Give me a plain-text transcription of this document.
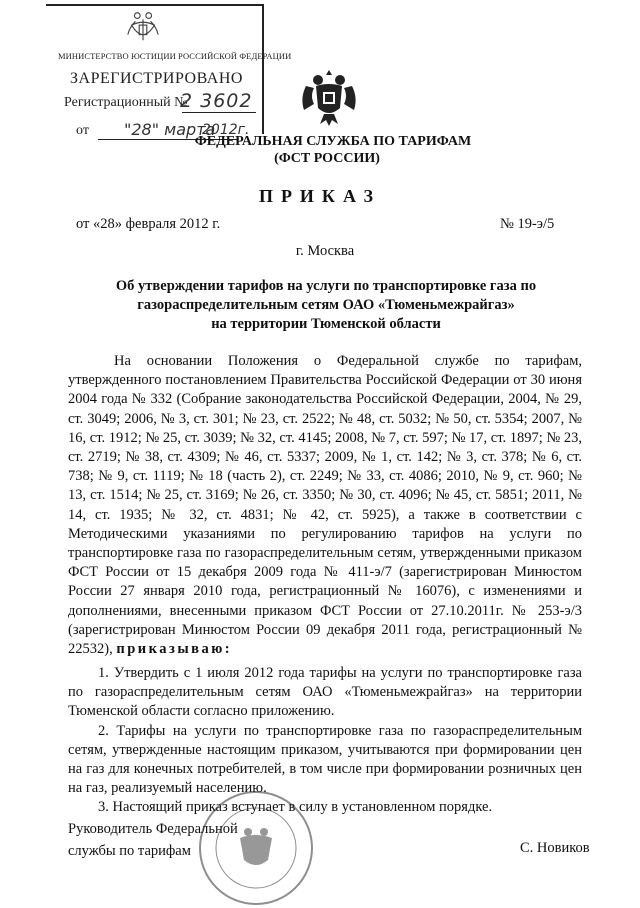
МИНИСТЕРСТВО ЮСТИЦИИ РОССИЙСКОЙ ФЕДЕРАЦИИ
ЗАРЕГИСТРИРОВАНО
Регистрационный №
2 3602
от "28" марта
2012г.
ФЕДЕРАЛЬНАЯ СЛУЖБА ПО ТАРИФАМ
(ФСТ РОССИИ)
ПРИКАЗ
от «28» февраля 2012 г.	№ 19-э/5
г. Москва
Об утверждении тарифов на услуги по транспортировке газа по
газораспределительным сетям ОАО «Тюменьмежрайгаз»
на территории Тюменской области
На основании Положения о Федеральной службе по тарифам, утвержденного постановлением Правительства Российской Федерации от 30 июня 2004 года № 332 (Собрание законодательства Российской Федерации, 2004, № 29, ст. 3049; 2006, № 3, ст. 301; № 23, ст. 2522; № 48, ст. 5032; № 50, ст. 5354; 2007, № 16, ст. 1912; № 25, ст. 3039; № 32, ст. 4145; 2008, № 7, ст. 597; № 17, ст. 1897; № 23, ст. 2719; № 38, ст. 4309; № 46, ст. 5337; 2009, № 1, ст. 142; № 3, ст. 378; № 6, ст. 738; № 9, ст. 1119; № 18 (часть 2), ст. 2249; № 33, ст. 4086; 2010, № 9, ст. 960; № 13, ст. 1514; № 25, ст. 3169; № 26, ст. 3350; № 30, ст. 4096; № 45, ст. 5851; 2011, № 14, ст. 1935; № 32, ст. 4831; № 42, ст. 5925), а также в соответствии с Методическими указаниями по регулированию тарифов на услуги по транспортировке газа по газораспределительным сетям, утвержденными приказом ФСТ России от 15 декабря 2009 года № 411-э/7 (зарегистрирован Минюстом России 27 января 2010 года, регистрационный № 16076), с изменениями и дополнениями, внесенными приказом ФСТ России от 27.10.2011г. № 253-э/3 (зарегистрирован Минюстом России 09 декабря 2011 года, регистрационный № 22532), приказываю:
1. Утвердить с 1 июля 2012 года тарифы на услуги по транспортировке газа по газораспределительным сетям ОАО «Тюменьмежрайгаз» на территории Тюменской области согласно приложению.
2. Тарифы на услуги по транспортировке газа по газораспределительным сетям, утвержденные настоящим приказом, учитываются при формировании цен на газ для конечных потребителей, в том числе при формировании розничных цен на газ, реализуемый населению.
3. Настоящий приказ вступает в силу в установленном порядке.
Руководитель Федеральной
службы по тарифам	С. Новиков
